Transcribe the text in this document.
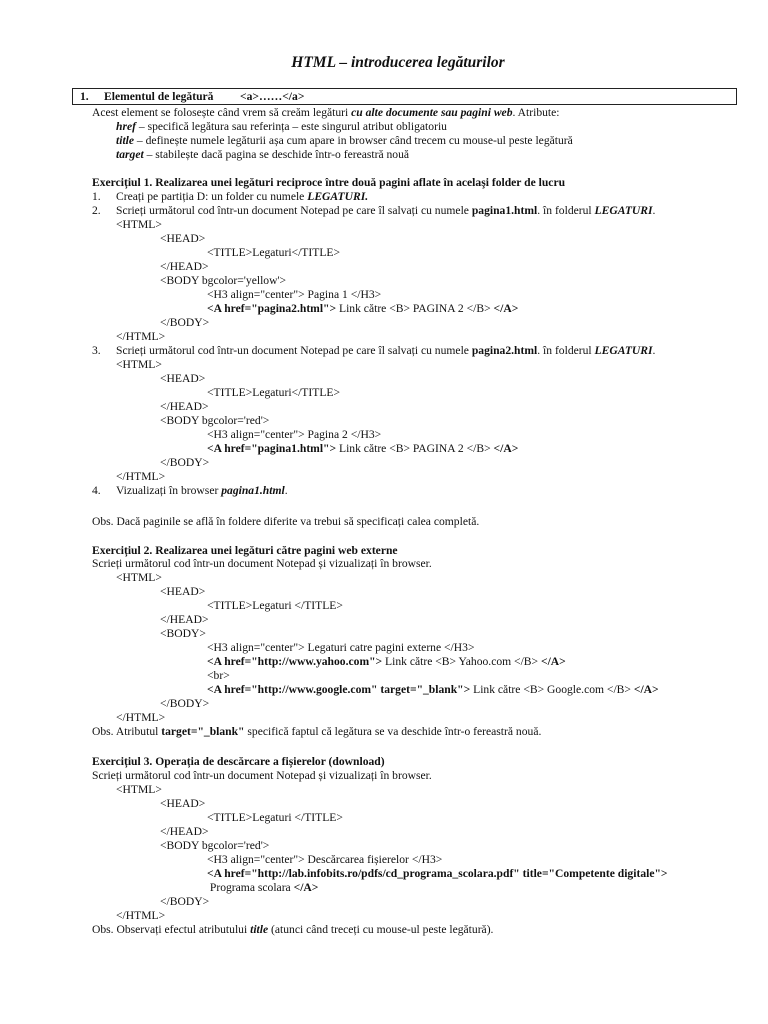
HTML – introducerea legăturilor
1. Elementul de legătură <a>……</a>
Acest element se folosește când vrem să creăm legături cu alte documente sau pagini web. Atribute:
href – specifică legătura sau referința – este singurul atribut obligatoriu
title – definește numele legăturii așa cum apare in browser când trecem cu mouse-ul peste legătură
target – stabilește dacă pagina se deschide într-o fereastră nouă
Exercițiul 1. Realizarea unei legături reciproce între două pagini aflate în acelaşi folder de lucru
1. Creați pe partiția D: un folder cu numele LEGATURI.
2. Scrieți următorul cod într-un document Notepad pe care îl salvați cu numele pagina1.html. în folderul LEGATURI.
<HTML>
<HEAD>
<TITLE>Legaturi</TITLE>
</HEAD>
<BODY bgcolor='yellow'>
<H3 align="center"> Pagina 1 </H3>
<A href="pagina2.html"> Link către <B> PAGINA 2 </B> </A>
</BODY>
</HTML>
3. Scrieți următorul cod într-un document Notepad pe care îl salvați cu numele pagina2.html. în folderul LEGATURI.
<HTML>
<HEAD>
<TITLE>Legaturi</TITLE>
</HEAD>
<BODY bgcolor='red'>
<H3 align="center"> Pagina 2 </H3>
<A href="pagina1.html"> Link către <B> PAGINA 2 </B> </A>
</BODY>
</HTML>
4. Vizualizați în browser pagina1.html.
Obs. Dacă paginile se află în foldere diferite va trebui să specificați calea completă.
Exercițiul 2. Realizarea unei legături către pagini web externe
Scrieți următorul cod într-un document Notepad și vizualizați în browser.
<HTML>
<HEAD>
<TITLE>Legaturi </TITLE>
</HEAD>
<BODY>
<H3 align="center"> Legaturi catre pagini externe </H3>
<A href="http://www.yahoo.com"> Link către <B> Yahoo.com </B> </A>
<br>
<A href="http://www.google.com" target="_blank"> Link către <B> Google.com </B> </A>
</BODY>
</HTML>
Obs. Atributul target="_blank" specifică faptul că legătura se va deschide într-o fereastră nouă.
Exercițiul 3. Operația de descărcare a fișierelor (download)
Scrieți următorul cod într-un document Notepad și vizualizați în browser.
<HTML>
<HEAD>
<TITLE>Legaturi </TITLE>
</HEAD>
<BODY bgcolor='red'>
<H3 align="center"> Descărcarea fișierelor </H3>
<A href="http://lab.infobits.ro/pdfs/cd_programa_scolara.pdf" title="Competente digitale">
Programa scolara </A>
</BODY>
</HTML>
Obs. Observați efectul atributului title (atunci când treceți cu mouse-ul peste legătură).
